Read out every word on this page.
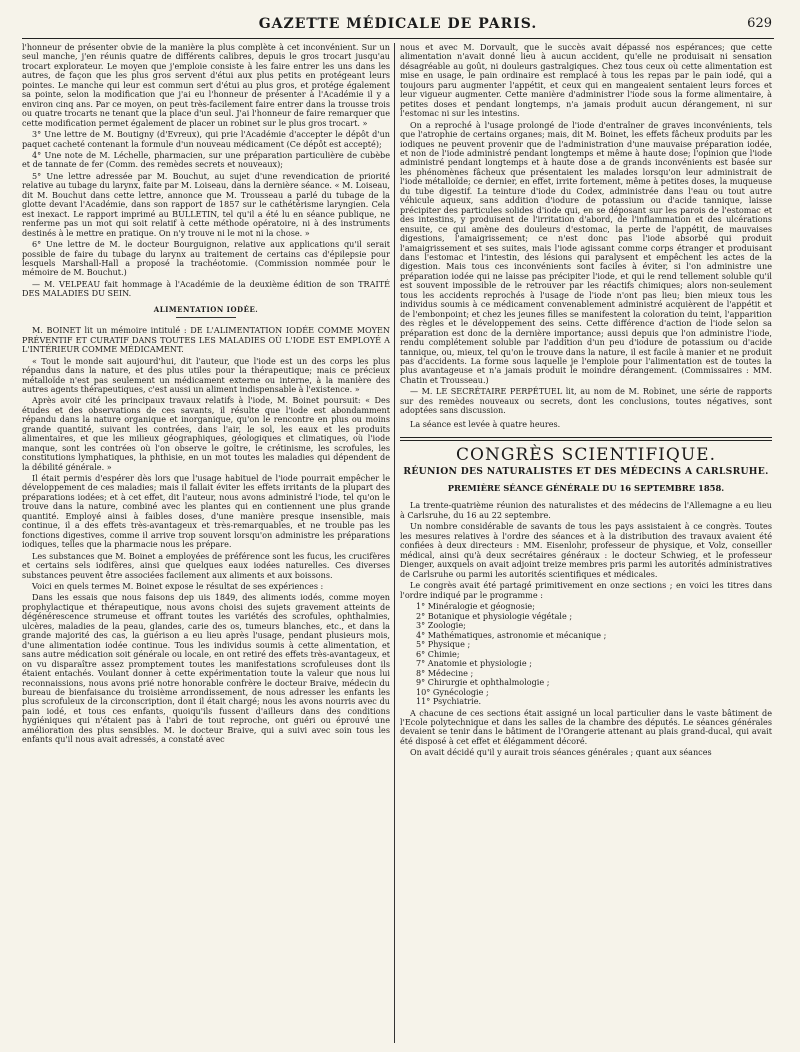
GAZETTE MÉDICALE DE PARIS.	629

l'honneur de présenter obvie de la manière la plus complète à cet inconvénient. Sur un seul manche, j'en réunis quatre de différents calibres, depuis le gros trocart jusqu'au trocart explorateur. Le moyen que j'emploie consiste à les faire entrer les uns dans les autres, de façon que les plus gros servent d'étui aux plus petits en protégeant leurs pointes. Le manche qui leur est commun sert d'étui au plus gros, et protége également sa pointe, selon la modification que j'ai eu l'honneur de présenter à l'Académie il y a environ cinq ans. Par ce moyen, on peut très-facilement faire entrer dans la trousse trois ou quatre trocarts ne tenant que la place d'un seul. J'ai l'honneur de faire remarquer que cette modification permet également de placer un robinet sur le plus gros trocart. »

3° Une lettre de M. Boutigny (d'Evreux), qui prie l'Académie d'accepter le dépôt d'un paquet cacheté contenant la formule d'un nouveau médicament (Ce dépôt est accepté);

4° Une note de M. Léchelle, pharmacien, sur une préparation particulière de cubèbe et de tannate de fer (Comm. des remèdes secrets et nouveaux);

5° Une lettre adressée par M. Bouchut, au sujet d'une revendication de priorité relative au tubage du larynx, faite par M. Loiseau, dans la dernière séance. « M. Loiseau, dit M. Bouchut dans cette lettre, annonce que M. Trousseau a parlé du tubage de la glotte devant l'Académie, dans son rapport de 1857 sur le cathétérisme laryngien. Cela est inexact. Le rapport imprimé au BULLETIN, tel qu'il a été lu en séance publique, ne renferme pas un mot qui soit relatif à cette méthode opératoire, ni à des instruments destinés à le mettre en pratique. On n'y trouve ni le mot ni la chose. »

6° Une lettre de M. le docteur Bourguignon, relative aux applications qu'il serait possible de faire du tubage du larynx au traitement de certains cas d'épilepsie pour lesquels Marshall-Hall a proposé la trachéotomie. (Commission nommée pour le mémoire de M. Bouchut.)

— M. VELPEAU fait hommage à l'Académie de la deuxième édition de son TRAITÉ DES MALADIES DU SEIN.

ALIMENTATION IODÉE.

M. BOINET lit un mémoire intitulé : DE L'ALIMENTATION IODÉE COMME MOYEN PRÉVENTIF ET CURATIF DANS TOUTES LES MALADIES OÙ L'IODE EST EMPLOYÉ A L'INTÉRIEUR COMME MÉDICAMENT.

« Tout le monde sait aujourd'hui, dit l'auteur, que l'iode est un des corps les plus répandus dans la nature, et des plus utiles pour la thérapeutique; mais ce précieux métalloïde n'est pas seulement un médicament externe ou interne, à la manière des autres agents thérapeutiques, c'est aussi un aliment indispensable à l'existence. »

Après avoir cité les principaux travaux relatifs à l'iode, M. Boinet poursuit: « Des études et des observations de ces savants, il résulte que l'iode est abondamment répandu dans la nature organique et inorganique, qu'on le rencontre en plus ou moins grande quantité, suivant les contrées, dans l'air, le sol, les eaux et les produits alimentaires, et que les milieux géographiques, géologiques et climatiques, où l'iode manque, sont les contrées où l'on observe le goître, le crétinisme, les scrofules, les constitutions lymphatiques, la phthisie, en un mot toutes les maladies qui dépendent de la débilité générale. »

Il était permis d'espérer dès lors que l'usage habituel de l'iode pourrait empêcher le développement de ces maladies; mais il fallait éviter les effets irritants de la plupart des préparations iodées; et à cet effet, dit l'auteur, nous avons administré l'iode, tel qu'on le trouve dans la nature, combiné avec les plantes qui en contiennent une plus grande quantité. Employé ainsi à faibles doses, d'une manière presque insensible, mais continue, il a des effets très-avantageux et très-remarquables, et ne trouble pas les fonctions digestives, comme il arrive trop souvent lorsqu'on administre les préparations iodiques, telles que la pharmacie nous les prépare.

Les substances que M. Boinet a employées de préférence sont les fucus, les crucifères et certains sels iodifères, ainsi que quelques eaux iodées naturelles. Ces diverses substances peuvent être associées facilement aux aliments et aux boissons.

Voici en quels termes M. Boinet expose le résultat de ses expériences :

Dans les essais que nous faisons dep uis 1849, des aliments iodés, comme moyen prophylactique et thérapeutique, nous avons choisi des sujets gravement atteints de dégénérescence strumeuse et offrant toutes les variétés des scrofules, ophthalmies, ulcères, maladies de la peau, glandes, carie des os, tumeurs blanches, etc., et dans la grande majorité des cas, la guérison a eu lieu après l'usage, pendant plusieurs mois, d'une alimentation iodée continue. Tous les individus soumis à cette alimentation, et sans autre médication soit générale ou locale, en ont retiré des effets très-avantageux, et on vu disparaître assez promptement toutes les manifestations scrofuleuses dont ils étaient entachés. Voulant donner à cette expérimentation toute la valeur que nous lui reconnaissions, nous avons prié notre honorable confrère le docteur Braive, médecin du bureau de bienfaisance du troisième arrondissement, de nous adresser les enfants les plus scrofuleux de la circonscription, dont il était chargé; nous les avons nourris avec du pain iodé, et tous ces enfants, quoiqu'ils fussent d'ailleurs dans des conditions hygiéniques qui n'étaient pas à l'abri de tout reproche, ont guéri ou éprouvé une amélioration des plus sensibles. M. le docteur Braive, qui a suivi avec soin tous les enfants qu'il nous avait adressés, a constaté avec

nous et avec M. Dorvault, que le succès avait dépassé nos espérances; que cette alimentation n'avait donné lieu à aucun accident, qu'elle ne produisait ni sensation désagréable au goût, ni douleurs gastralgiques. Chez tous ceux où cette alimentation est mise en usage, le pain ordinaire est remplacé à tous les repas par le pain iodé, qui a toujours paru augmenter l'appétit, et ceux qui en mangeaient sentaient leurs forces et leur vigueur augmenter. Cette manière d'administrer l'iode sous la forme alimentaire, à petites doses et pendant longtemps, n'a jamais produit aucun dérangement, ni sur l'estomac ni sur les intestins.

On a reproché à l'usage prolongé de l'iode d'entraîner de graves inconvénients, tels que l'atrophie de certains organes; mais, dit M. Boinet, les effets fâcheux produits par les iodiques ne peuvent provenir que de l'administration d'une mauvaise préparation iodée, et non de l'iode administré pendant longtemps et même à haute dose; l'opinion que l'iode administré pendant longtemps et à haute dose a de grands inconvénients est basée sur les phénomènes fâcheux que présentaient les malades lorsqu'on leur administrait de l'iode métalloïde; ce dernier, en effet, irrite fortement, même à petites doses, la muqueuse du tube digestif. La teinture d'iode du Codex, administrée dans l'eau ou tout autre véhicule aqueux, sans addition d'iodure de potassium ou d'acide tannique, laisse précipiter des particules solides d'iode qui, en se déposant sur les parois de l'estomac et des intestins, y produisent de l'irritation d'abord, de l'inflammation et des ulcérations ensuite, ce qui amène des douleurs d'estomac, la perte de l'appétit, de mauvaises digestions, l'amaigrissement; ce n'est donc pas l'iode absorbé qui produit l'amaigrissement et ses suites, mais l'iode agissant comme corps étranger et produisant dans l'estomac et l'intestin, des lésions qui paralysent et empêchent les actes de la digestion. Mais tous ces inconvénients sont faciles à éviter, si l'on administre une préparation iodée qui ne laisse pas précipiter l'iode, et qui le rend tellement soluble qu'il est souvent impossible de le retrouver par les réactifs chimiques; alors non-seulement tous les accidents reprochés à l'usage de l'iode n'ont pas lieu; bien mieux tous les individus soumis à ce médicament convenablement administré acquièrent de l'appétit et de l'embonpoint; et chez les jeunes filles se manifestent la coloration du teint, l'apparition des règles et le développement des seins. Cette différence d'action de l'iode selon sa préparation est donc de la dernière importance; aussi depuis que l'on administre l'iode, rendu complétement soluble par l'addition d'un peu d'iodure de potassium ou d'acide tannique, ou, mieux, tel qu'on le trouve dans la nature, il est facile à manier et ne produit pas d'accidents. La forme sous laquelle je l'emploie pour l'alimentation est de toutes la plus avantageuse et n'a jamais produit le moindre dérangement. (Commissaires : MM. Chatin et Trousseau.)

— M. LE SECRÉTAIRE PERPÉTUEL lit, au nom de M. Robinet, une série de rapports sur des remèdes nouveaux ou secrets, dont les conclusions, toutes négatives, sont adoptées sans discussion.

La séance est levée à quatre heures.

CONGRÈS SCIENTIFIQUE.
RÉUNION DES NATURALISTES ET DES MÉDECINS A CARLSRUHE.
PREMIÈRE SÉANCE GÉNÉRALE DU 16 SEPTEMBRE 1858.

La trente-quatrième réunion des naturalistes et des médecins de l'Allemagne a eu lieu à Carlsruhe, du 16 au 22 septembre.

Un nombre considérable de savants de tous les pays assistaient à ce congrès. Toutes les mesures relatives à l'ordre des séances et à la distribution des travaux avaient été confiées à deux directeurs : MM. Eisenlohr, professeur de physique, et Volz, conseiller médical, ainsi qu'à deux secrétaires généraux : le docteur Schwieg, et le professeur Dienger, auxquels on avait adjoint treize membres pris parmi les autorités administratives de Carlsruhe ou parmi les autorités scientifiques et médicales.

Le congrès avait été partagé primitivement en onze sections ; en voici les titres dans l'ordre indiqué par le programme :

1° Minéralogie et géognosie;
2° Botanique et physiologie végétale ;
3° Zoologie;
4° Mathématiques, astronomie et mécanique ;
5° Physique ;
6° Chimie;
7° Anatomie et physiologie ;
8° Médecine ;
9° Chirurgie et ophthalmologie ;
10° Gynécologie ;
11° Psychiatrie.

A chacune de ces sections était assigné un local particulier dans le vaste bâtiment de l'Ecole polytechnique et dans les salles de la chambre des députés. Le séances générales devaient se tenir dans le bâtiment de l'Orangerie attenant au plais grand-ducal, qui avait été disposé à cet effet et élégamment décoré.

On avait décidé qu'il y aurait trois séances générales ; quant aux séances
